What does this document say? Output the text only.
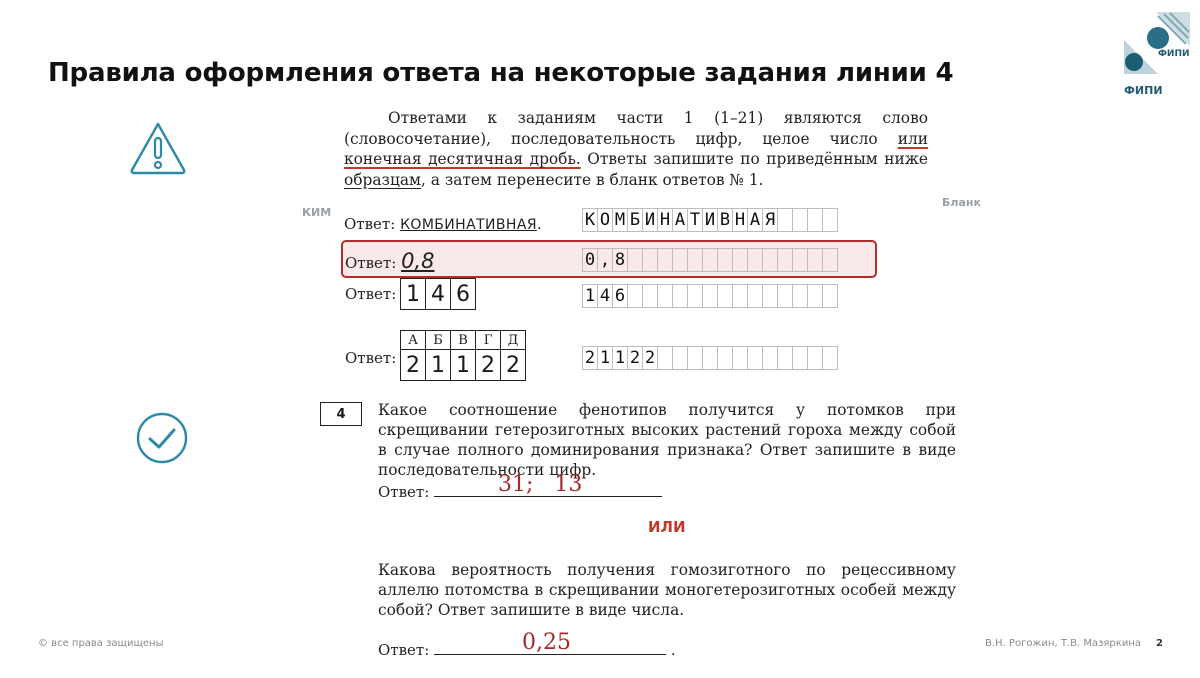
Правила оформления ответа на некоторые задания линии 4
ФИПИ
ФИПИ
Ответами к заданиям части 1 (1–21) являются слово (словосочетание), последовательность цифр, целое число или конечная десятичная дробь. Ответы запишите по приведённым ниже образцам, а затем перенесите в бланк ответов № 1.
КИМ
Бланк
Ответ: КОМБИНАТИВНАЯ.	К О М Б И Н А Т И В Н А Я
Ответ: 0,8	0 , 8
Ответ: 1 4 6	1 4 6
Ответ:
А	Б	В	Г	Д
2	1	1	2	2	2 1 1 2 2
4	Какое соотношение фенотипов получится у потомков при скрещивании гетерозиготных высоких растений гороха между собой в случае полного доминирования признака? Ответ запишите в виде последовательности цифр.
Ответ:	31;   13
ИЛИ
Какова вероятность получения гомозиготного по рецессивному аллелю потомства в скрещивании моногетерозиготных особей между собой? Ответ запишите в виде числа.
Ответ:	.
0,25
© все права защищены	В.Н. Рогожин, Т.В. Мазяркина 2
